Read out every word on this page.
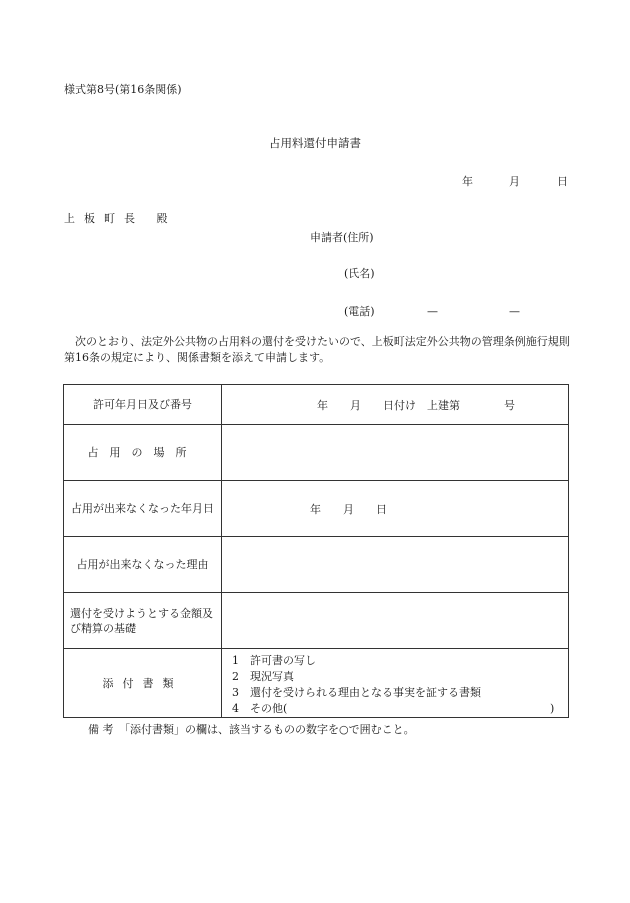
様式第8号(第16条関係)
占用料還付申請書
年	月	日
上板町長 殿
申請者(住所)
(氏名)
(電話)	—	—
次のとおり、法定外公共物の占用料の還付を受けたいので、上板町法定外公共物の管理条例施行規則第16条の規定により、関係書類を添えて申請します。
許可年月日及び番号	年　　月　　日付け　上建第　　　　号

占用の場所	
占用が出来なくなった年月日	年　　月　　日

占用が出来なくなった理由	

還付を受けようとする金額及び精算の基礎	

添付書類	1　許可書の写し
2　現況写真
3　還付を受けられる理由となる事実を証する書類
4　その他( )
備 考　「添付書類」の欄は、該当するものの数字を○で囲むこと。
